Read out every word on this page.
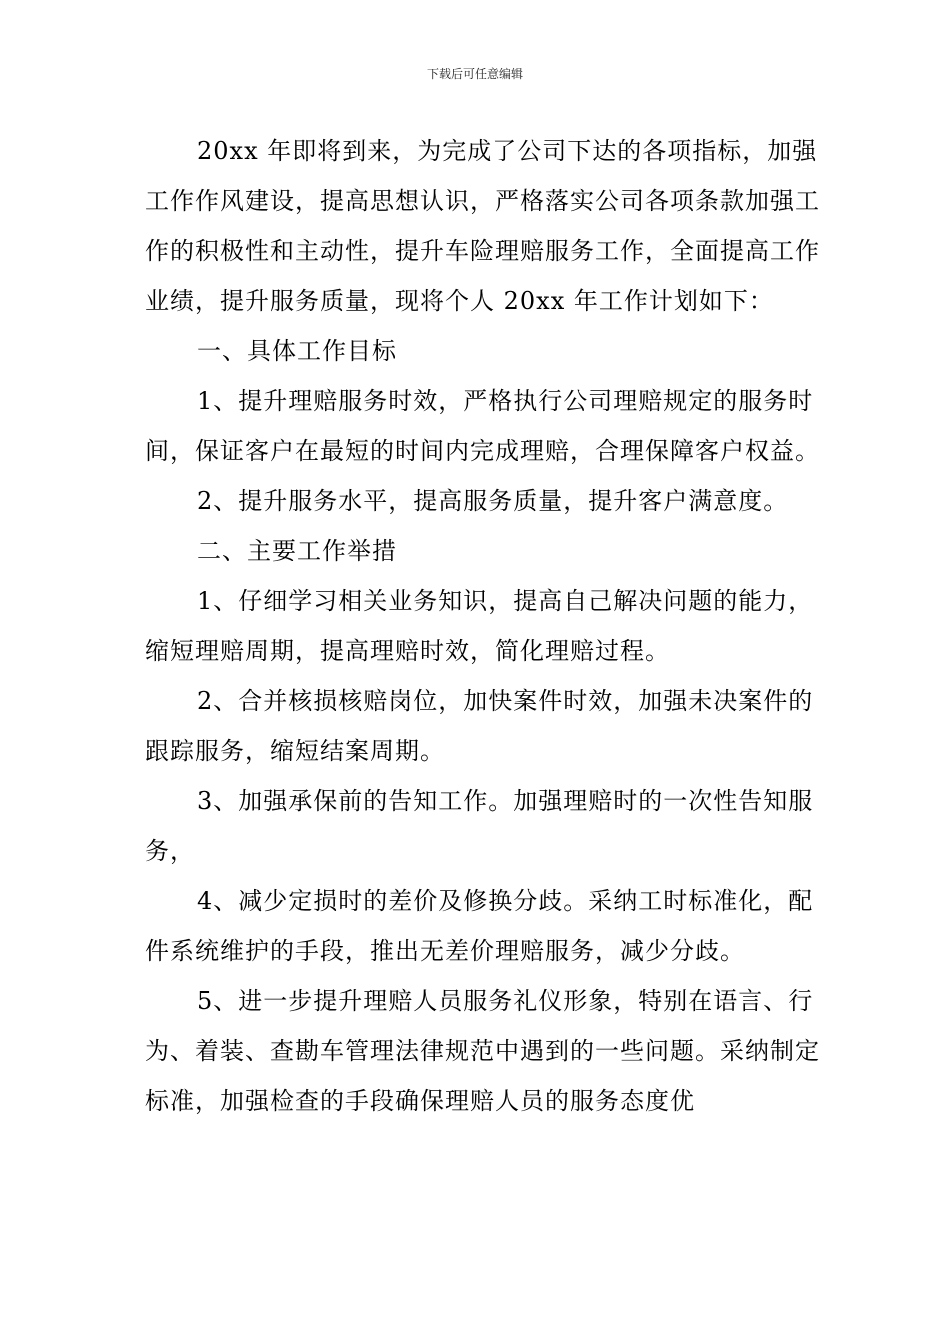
下载后可任意编辑

20xx 年即将到来，为完成了公司下达的各项指标，加强工作作风建设，提高思想认识，严格落实公司各项条款加强工作的积极性和主动性，提升车险理赔服务工作，全面提高工作业绩，提升服务质量，现将个人 20xx 年工作计划如下：

一、具体工作目标

1、提升理赔服务时效，严格执行公司理赔规定的服务时间，保证客户在最短的时间内完成理赔，合理保障客户权益。

2、提升服务水平，提高服务质量，提升客户满意度。

二、主要工作举措

1、仔细学习相关业务知识，提高自己解决问题的能力，缩短理赔周期，提高理赔时效，简化理赔过程。

2、合并核损核赔岗位，加快案件时效，加强未决案件的跟踪服务，缩短结案周期。

3、加强承保前的告知工作。加强理赔时的一次性告知服务，

4、减少定损时的差价及修换分歧。采纳工时标准化，配件系统维护的手段，推出无差价理赔服务，减少分歧。

5、进一步提升理赔人员服务礼仪形象，特别在语言、行为、着装、查勘车管理法律规范中遇到的一些问题。采纳制定标准，加强检查的手段确保理赔人员的服务态度优
